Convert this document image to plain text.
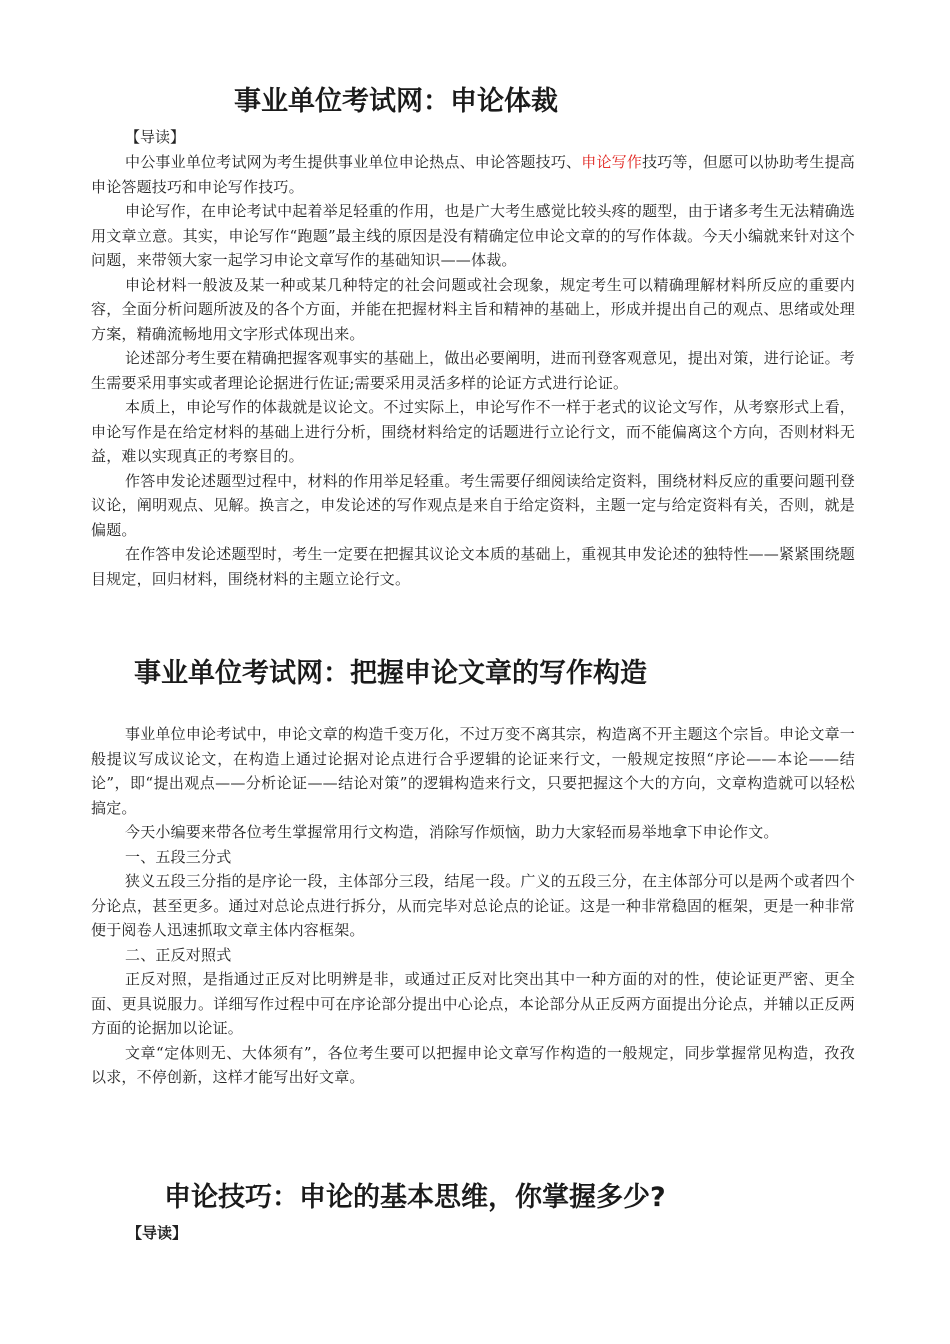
事业单位考试网：申论体裁
【导读】

中公事业单位考试网为考生提供事业单位申论热点、申论答题技巧、申论写作技巧等，但愿可以协助考生提高申论答题技巧和申论写作技巧。

申论写作，在申论考试中起着举足轻重的作用，也是广大考生感觉比较头疼的题型，由于诸多考生无法精确选用文章立意。其实，申论写作“跑题”最主线的原因是没有精确定位申论文章的的写作体裁。今天小编就来针对这个问题，来带领大家一起学习申论文章写作的基础知识——体裁。

申论材料一般波及某一种或某几种特定的社会问题或社会现象，规定考生可以精确理解材料所反应的重要内容，全面分析问题所波及的各个方面，并能在把握材料主旨和精神的基础上，形成并提出自己的观点、思绪或处理方案，精确流畅地用文字形式体现出来。

论述部分考生要在精确把握客观事实的基础上，做出必要阐明，进而刊登客观意见，提出对策，进行论证。考生需要采用事实或者理论论据进行佐证;需要采用灵活多样的论证方式进行论证。

本质上，申论写作的体裁就是议论文。不过实际上，申论写作不一样于老式的议论文写作，从考察形式上看，申论写作是在给定材料的基础上进行分析，围绕材料给定的话题进行立论行文，而不能偏离这个方向，否则材料无益，难以实现真正的考察目的。

作答申发论述题型过程中，材料的作用举足轻重。考生需要仔细阅读给定资料，围绕材料反应的重要问题刊登议论，阐明观点、见解。换言之，申发论述的写作观点是来自于给定资料，主题一定与给定资料有关，否则，就是偏题。

在作答申发论述题型时，考生一定要在把握其议论文本质的基础上，重视其申发论述的独特性——紧紧围绕题目规定，回归材料，围绕材料的主题立论行文。

事业单位考试网：把握申论文章的写作构造

事业单位申论考试中，申论文章的构造千变万化，不过万变不离其宗，构造离不开主题这个宗旨。申论文章一般提议写成议论文，在构造上通过论据对论点进行合乎逻辑的论证来行文，一般规定按照“序论——本论——结论”，即“提出观点——分析论证——结论对策”的逻辑构造来行文，只要把握这个大的方向，文章构造就可以轻松搞定。

今天小编要来带各位考生掌握常用行文构造，消除写作烦恼，助力大家轻而易举地拿下申论作文。

一、五段三分式

狭义五段三分指的是序论一段，主体部分三段，结尾一段。广义的五段三分，在主体部分可以是两个或者四个分论点，甚至更多。通过对总论点进行拆分，从而完毕对总论点的论证。这是一种非常稳固的框架，更是一种非常便于阅卷人迅速抓取文章主体内容框架。

二、正反对照式

正反对照，是指通过正反对比明辨是非，或通过正反对比突出其中一种方面的对的性，使论证更严密、更全面、更具说服力。详细写作过程中可在序论部分提出中心论点，本论部分从正反两方面提出分论点，并辅以正反两方面的论据加以论证。

文章“定体则无、大体须有”，各位考生要可以把握申论文章写作构造的一般规定，同步掌握常见构造，孜孜以求，不停创新，这样才能写出好文章。

申论技巧：申论的基本思维，你掌握多少?
【导读】
